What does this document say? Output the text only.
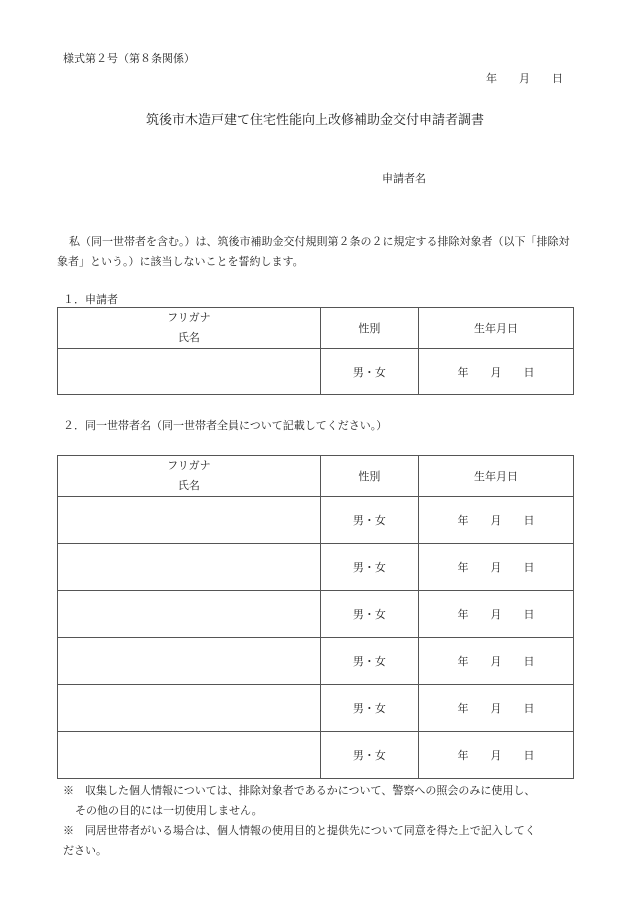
様式第２号（第８条関係）
年 月 日
筑後市木造戸建て住宅性能向上改修補助金交付申請者調書
申請者名
私（同一世帯者を含む。）は、筑後市補助金交付規則第２条の２に規定する排除対象者（以下「排除対象者」という。）に該当しないことを誓約します。
１．申請者
フリガナ
氏名	性別	生年月日
	男・女	年 月 日
２．同一世帯者名（同一世帯者全員について記載してください。）
フリガナ
氏名	性別	生年月日
	男・女	年 月 日
	男・女	年 月 日
	男・女	年 月 日
	男・女	年 月 日
	男・女	年 月 日
	男・女	年 月 日
※　収集した個人情報については、排除対象者であるかについて、警察への照会のみに使用し、
その他の目的には一切使用しません。
※　同居世帯者がいる場合は、個人情報の使用目的と提供先について同意を得た上で記入してく
ださい。
